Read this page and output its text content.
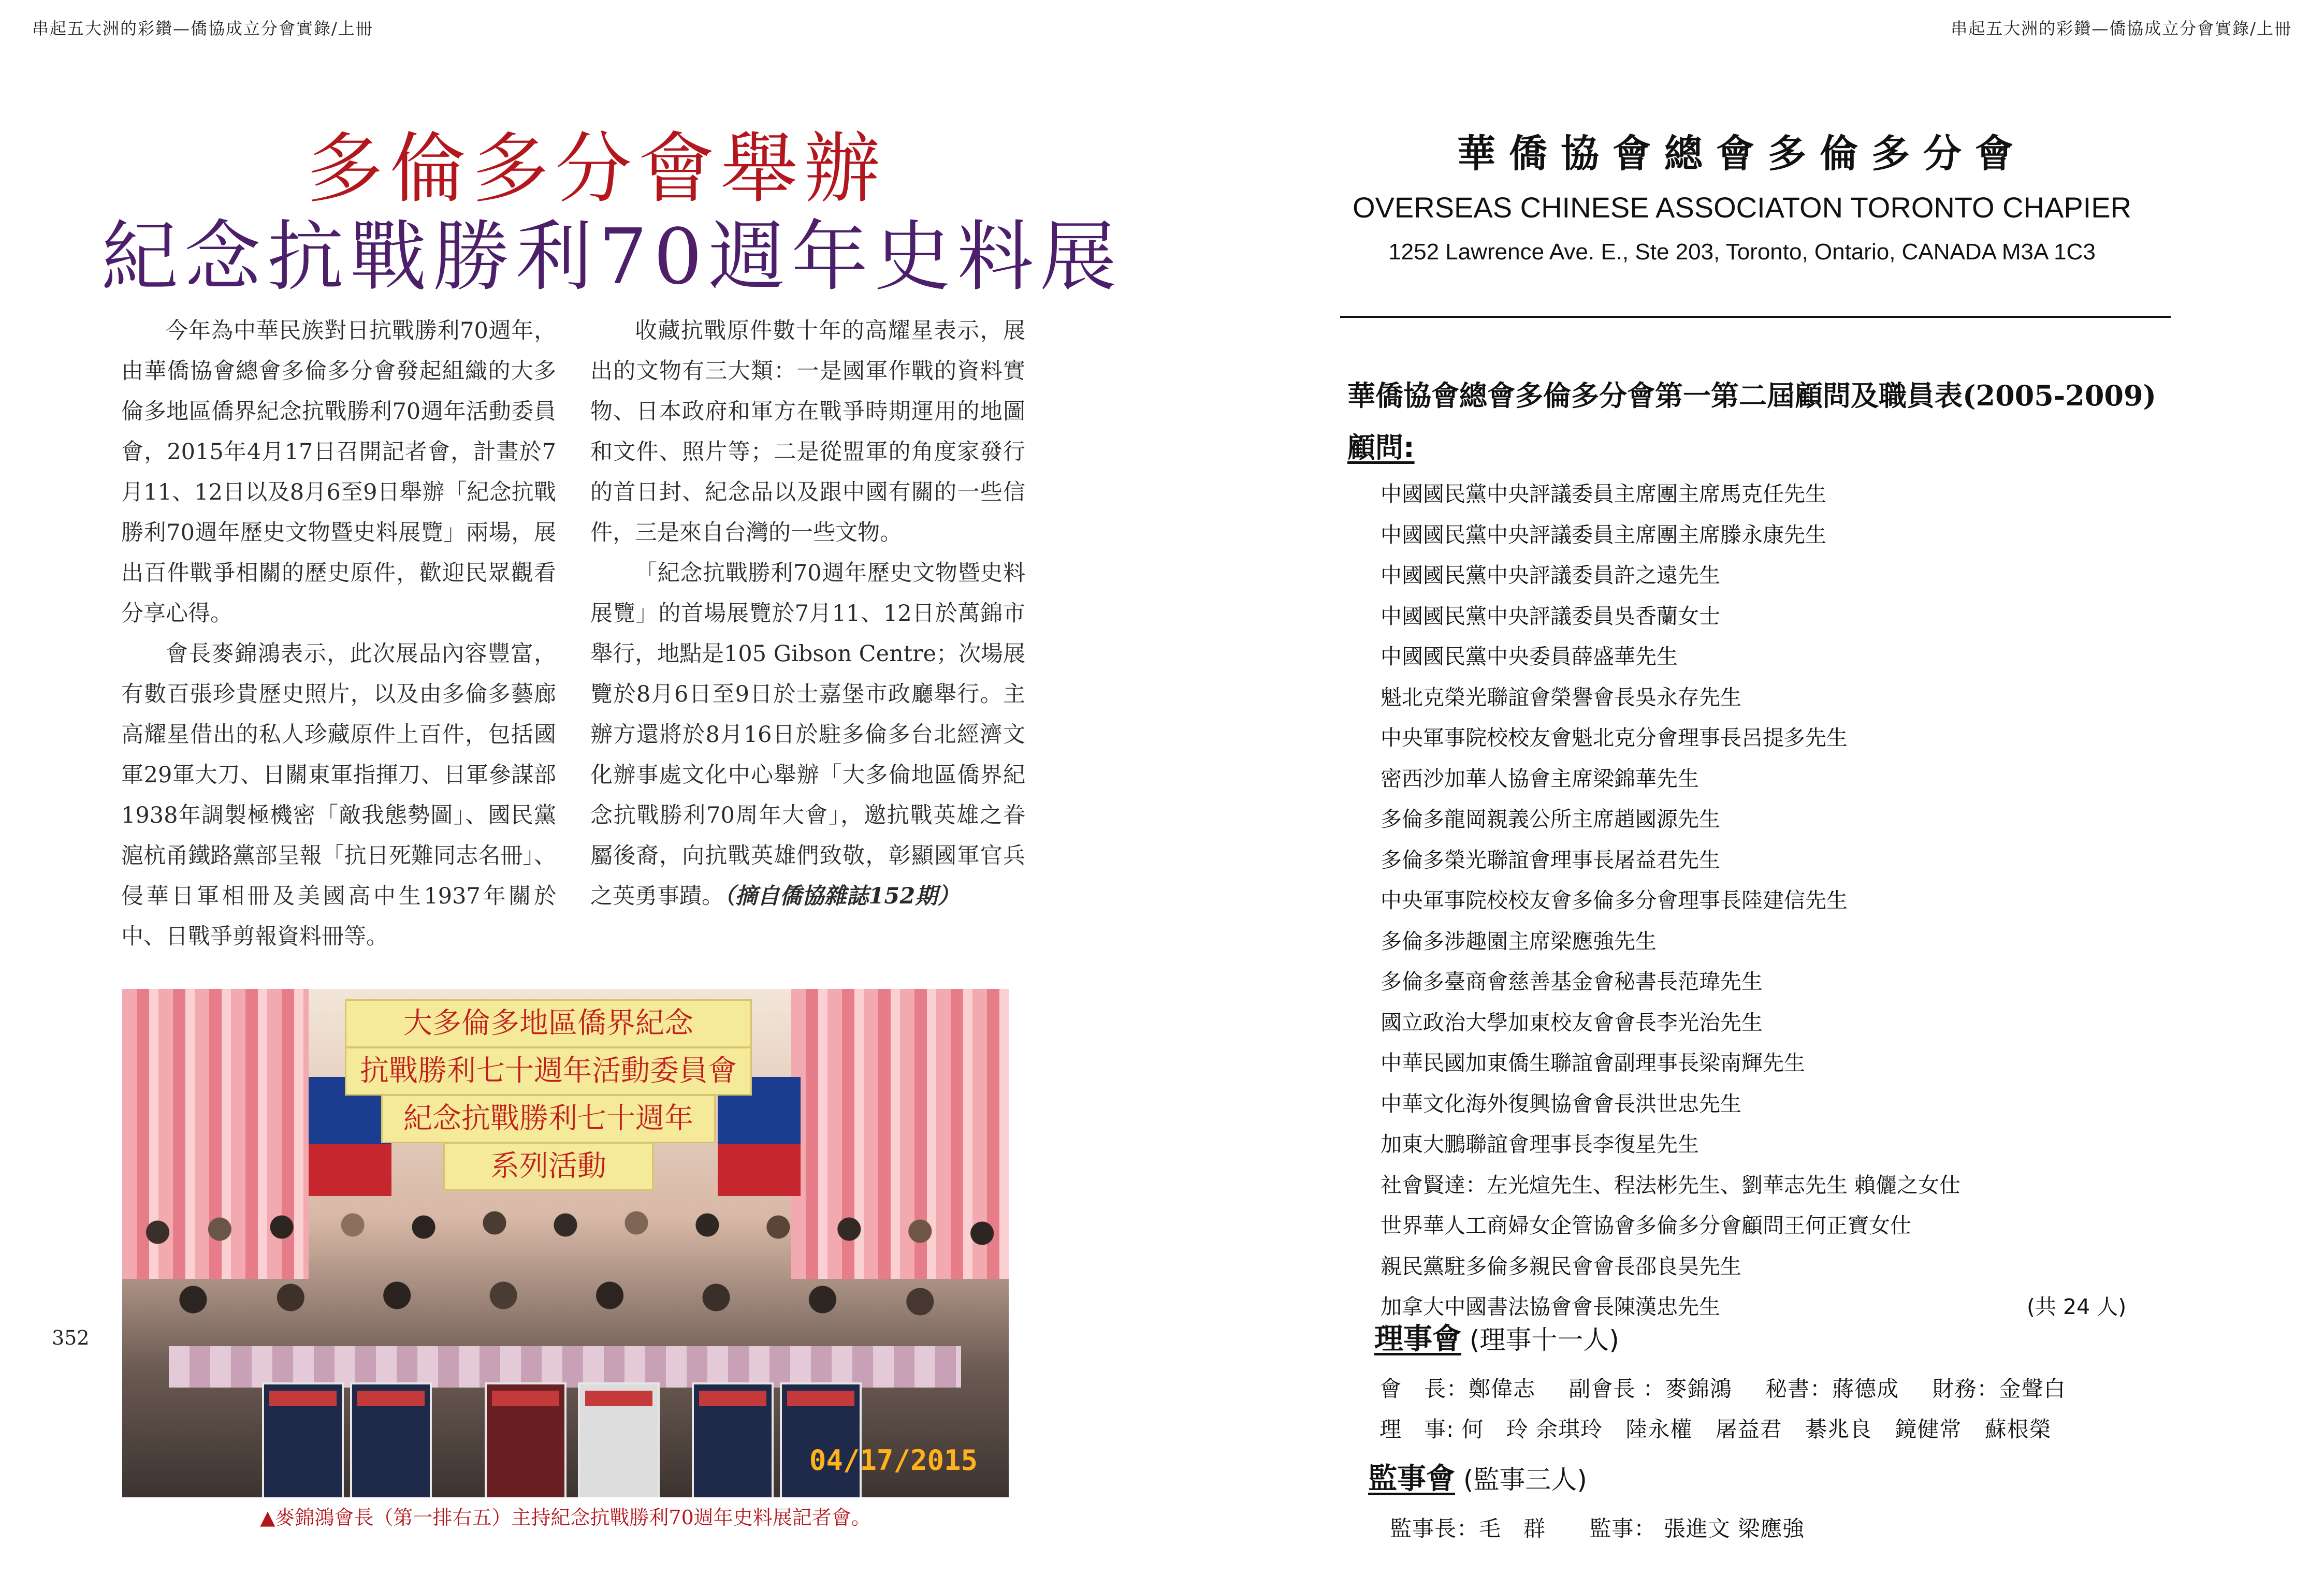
串起五大洲的彩鑽—僑協成立分會實錄/上冊
多倫多分會舉辦
紀念抗戰勝利70週年史料展

今年為中華民族對日抗戰勝利70週年，由華僑協會總會多倫多分會發起組織的大多倫多地區僑界紀念抗戰勝利70週年活動委員會，2015年4月17日召開記者會，計畫於7月11、12日以及8月6至9日舉辦「紀念抗戰勝利70週年歷史文物暨史料展覽」兩場，展出百件戰爭相關的歷史原件，歡迎民眾觀看分享心得。

會長麥錦鴻表示，此次展品內容豐富，有數百張珍貴歷史照片，以及由多倫多藝廊高耀星借出的私人珍藏原件上百件，包括國軍29軍大刀、日關東軍指揮刀、日軍參謀部1938年調製極機密「敵我態勢圖」、國民黨滬杭甬鐵路黨部呈報「抗日死難同志名冊」、侵華日軍相冊及美國高中生1937年關於中、日戰爭剪報資料冊等。

收藏抗戰原件數十年的高耀星表示，展出的文物有三大類：一是國軍作戰的資料實物、日本政府和軍方在戰爭時期運用的地圖和文件、照片等；二是從盟軍的角度家發行的首日封、紀念品以及跟中國有關的一些信件，三是來自台灣的一些文物。

「紀念抗戰勝利70週年歷史文物暨史料展覽」的首場展覽於7月11、12日於萬錦市舉行，地點是105 Gibson Centre；次場展覽於8月6日至9日於士嘉堡市政廳舉行。主辦方還將於8月16日於駐多倫多台北經濟文化辦事處文化中心舉辦「大多倫地區僑界紀念抗戰勝利70周年大會」，邀抗戰英雄之眷屬後裔，向抗戰英雄們致敬，彰顯國軍官兵之英勇事蹟。（摘自僑協雜誌152期）

大多倫多地區僑界紀念
抗戰勝利七十週年活動委員會
紀念抗戰勝利七十週年
系列活動
04/17/2015
▲麥錦鴻會長（第一排右五）主持紀念抗戰勝利70週年史料展記者會。
352
串起五大洲的彩鑽—僑協成立分會實錄/上冊
華僑協會總會多倫多分會
OVERSEAS CHINESE ASSOCIATON TORONTO CHAPIER
1252 Lawrence Ave. E., Ste 203, Toronto, Ontario, CANADA M3A 1C3
華僑協會總會多倫多分會第一第二屆顧問及職員表(2005-2009)
顧問:
中國國民黨中央評議委員主席團主席馬克任先生
中國國民黨中央評議委員主席團主席滕永康先生
中國國民黨中央評議委員許之遠先生
中國國民黨中央評議委員吳香蘭女士
中國國民黨中央委員薛盛華先生
魁北克榮光聯誼會榮譽會長吳永存先生
中央軍事院校校友會魁北克分會理事長呂提多先生
密西沙加華人協會主席梁錦華先生
多倫多龍岡親義公所主席趙國源先生
多倫多榮光聯誼會理事長屠益君先生
中央軍事院校校友會多倫多分會理事長陸建信先生
多倫多涉趣園主席梁應強先生
多倫多臺商會慈善基金會秘書長范瑋先生
國立政治大學加東校友會會長李光治先生
中華民國加東僑生聯誼會副理事長梁南輝先生
中華文化海外復興協會會長洪世忠先生
加東大鵬聯誼會理事長李復星先生
社會賢達：左光煊先生、程法彬先生、劉華志先生 賴儷之女仕
世界華人工商婦女企管協會多倫多分會顧問王何正寶女仕
親民黨駐多倫多親民會會長邵良昊先生
加拿大中國書法協會會長陳漢忠先生	(共 24 人)
理事會 (理事十一人)
會　長：鄭偉志 副會長 ：麥錦鴻 秘書：蔣德成 財務：金聲白
理　事: 何　玲 余琪玲 陸永權 屠益君 綦兆良 鏡健常 蘇根榮
監事會 (監事三人)
監事長：毛　群 監事： 張進文 梁應強
